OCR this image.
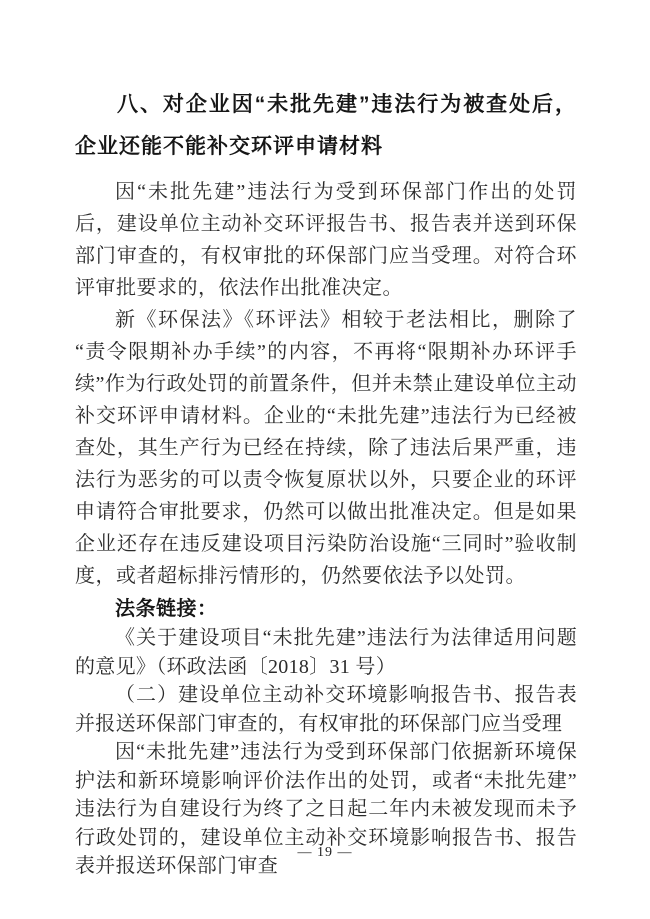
八、对企业因“未批先建”违法行为被查处后，企业还能不能补交环评申请材料

因“未批先建”违法行为受到环保部门作出的处罚后，建设单位主动补交环评报告书、报告表并送到环保部门审查的，有权审批的环保部门应当受理。对符合环评审批要求的，依法作出批准决定。

新《环保法》《环评法》相较于老法相比，删除了“责令限期补办手续”的内容，不再将“限期补办环评手续”作为行政处罚的前置条件，但并未禁止建设单位主动补交环评申请材料。企业的“未批先建”违法行为已经被查处，其生产行为已经在持续，除了违法后果严重，违法行为恶劣的可以责令恢复原状以外，只要企业的环评申请符合审批要求，仍然可以做出批准决定。但是如果企业还存在违反建设项目污染防治设施“三同时”验收制度，或者超标排污情形的，仍然要依法予以处罚。

法条链接：

《关于建设项目“未批先建”违法行为法律适用问题的意见》（环政法函〔2018〕31 号）

（二）建设单位主动补交环境影响报告书、报告表并报送环保部门审查的，有权审批的环保部门应当受理

因“未批先建”违法行为受到环保部门依据新环境保护法和新环境影响评价法作出的处罚，或者“未批先建”违法行为自建设行为终了之日起二年内未被发现而未予行政处罚的，建设单位主动补交环境影响报告书、报告表并报送环保部门审查

— 19 —
